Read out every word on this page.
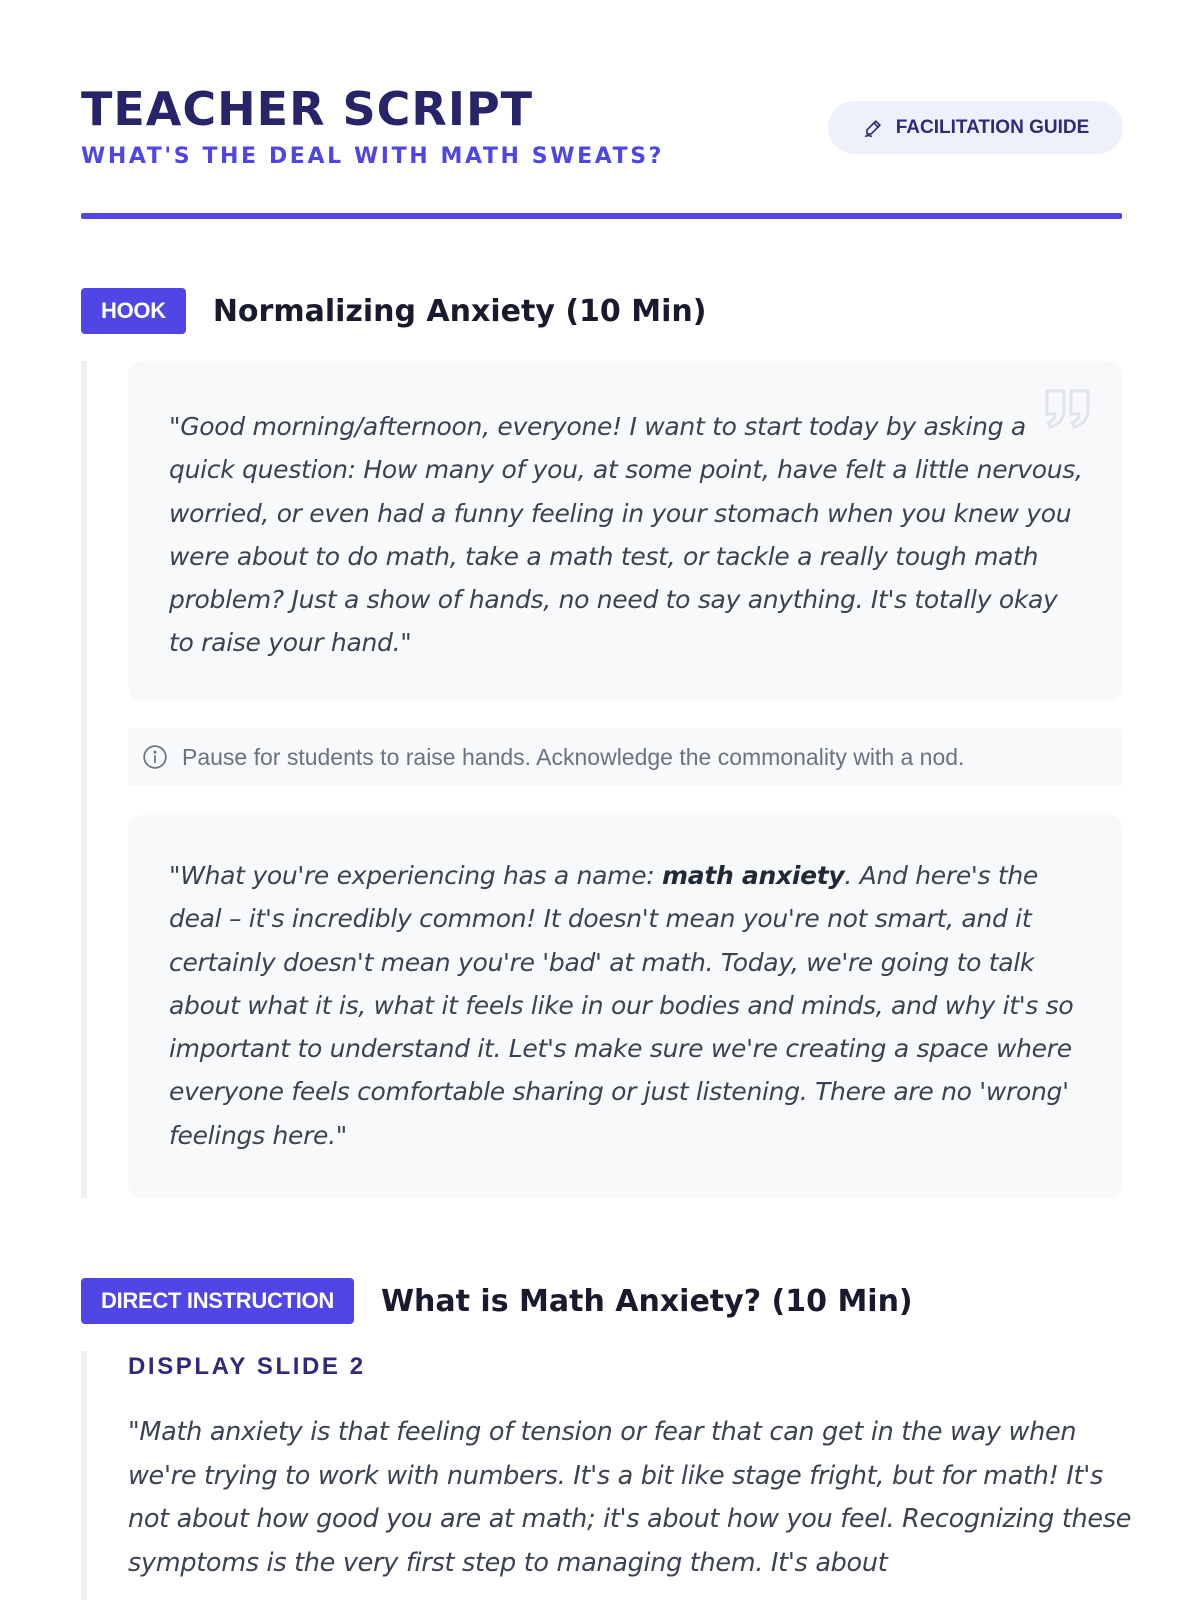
TEACHER SCRIPT
WHAT'S THE DEAL WITH MATH SWEATS?
FACILITATION GUIDE
HOOK	Normalizing Anxiety (10 Min)
"Good morning/afternoon, everyone! I want to start today by asking a quick question: How many of you, at some point, have felt a little nervous, worried, or even had a funny feeling in your stomach when you knew you were about to do math, take a math test, or tackle a really tough math problem? Just a show of hands, no need to say anything. It's totally okay to raise your hand."
Pause for students to raise hands. Acknowledge the commonality with a nod.
"What you're experiencing has a name: math anxiety. And here's the deal – it's incredibly common! It doesn't mean you're not smart, and it certainly doesn't mean you're 'bad' at math. Today, we're going to talk about what it is, what it feels like in our bodies and minds, and why it's so important to understand it. Let's make sure we're creating a space where everyone feels comfortable sharing or just listening. There are no 'wrong' feelings here."
DIRECT INSTRUCTION	What is Math Anxiety? (10 Min)
DISPLAY SLIDE 2
"Math anxiety is that feeling of tension or fear that can get in the way when we're trying to work with numbers. It's a bit like stage fright, but for math! It's not about how good you are at math; it's about how you feel. Recognizing these symptoms is the very first step to managing them. It's about
